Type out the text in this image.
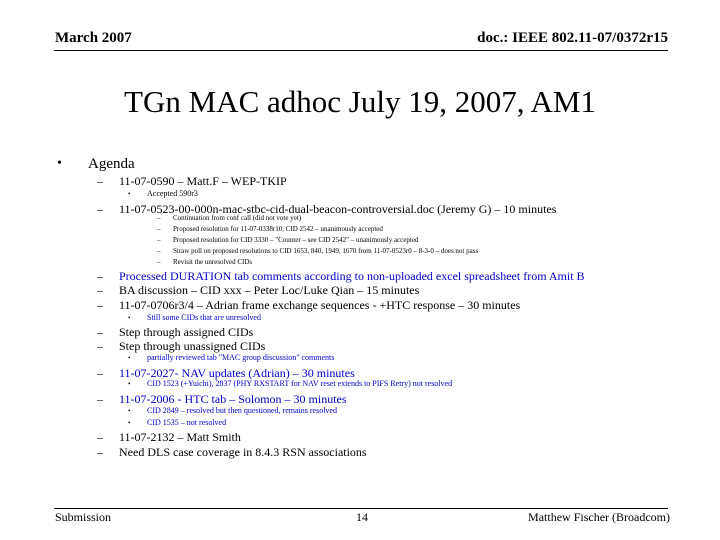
March 2007	doc.: IEEE 802.11-07/0372r15
TGn MAC adhoc July 19, 2007, AM1
• Agenda
– 11-07-0590 – Matt.F – WEP-TKIP
• Accepted 590r3
– 11-07-0523-00-000n-mac-stbc-cid-dual-beacon-controversial.doc (Jeremy G) – 10 minutes
– Continuation from conf call (did not vote yet)
– Proposed resolution for 11-07-0338r10, CID 2542 – unanimously accepted
– Proposed resolution for CID 3330 – "Counter – see CID 2542" – unanimously accepted
– Straw poll on proposed resolutions to CID 1653, 840, 1949, 1670 from 11-07-0523r0 – 8-3-0 – does not pass
– Revisit the unresolved CIDs
– Processed DURATION tab comments according to non-uploaded excel spreadsheet from Amit B
– BA discussion – CID xxx – Peter Loc/Luke Qian – 15 minutes
– 11-07-0706r3/4 – Adrian frame exchange sequences - +HTC response – 30 minutes
• Still some CIDs that are unresolved
– Step through assigned CIDs
– Step through unassigned CIDs
• partially reviewed tab "MAC group discussion" comments
– 11-07-2027- NAV updates (Adrian) – 30 minutes
• CID 1523 (+Yuichi), 2837 (PHY RXSTART for NAV reset extends to PIFS Retry) not resolved
– 11-07-2006 - HTC tab – Solomon – 30 minutes
• CID 2849 – resolved but then questioned, remains resolved
• CID 1535 – not resolved
– 11-07-2132 – Matt Smith
– Need DLS case coverage in 8.4.3 RSN associations
Submission	14	Matthew Fischer (Broadcom)
